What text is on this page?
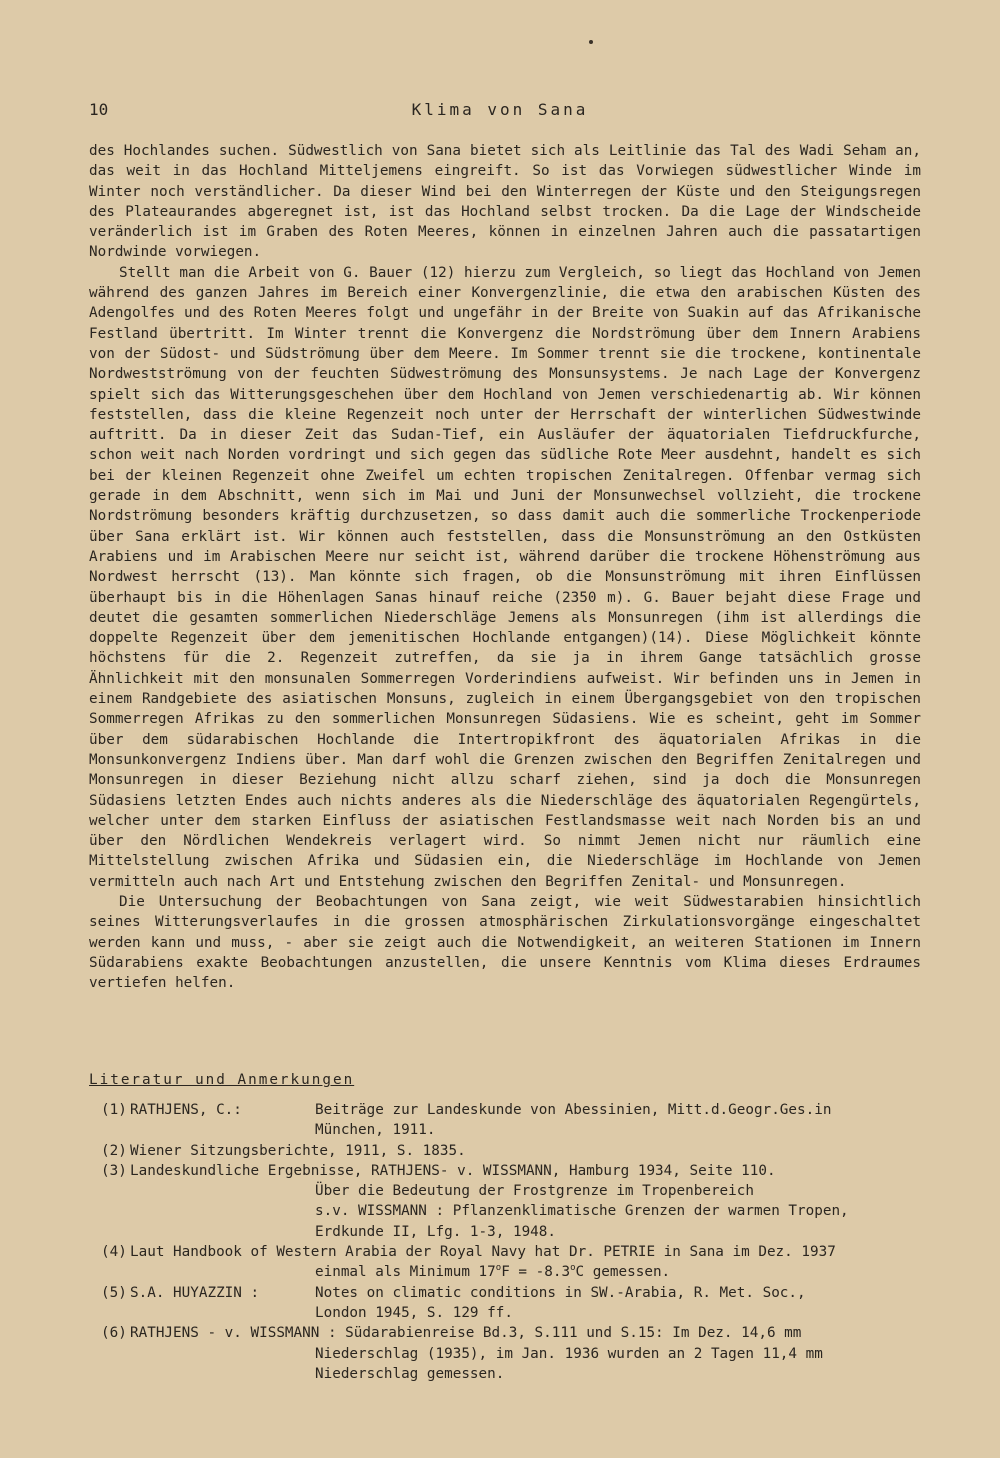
10	Klima von Sana

des Hochlandes suchen. Südwestlich von Sana bietet sich als Leitlinie das Tal des Wadi Seham an, das weit in das Hochland Mitteljemens eingreift. So ist das Vorwiegen südwestlicher Winde im Winter noch verständlicher. Da dieser Wind bei den Winterregen der Küste und den Steigungsregen des Plateaurandes abgeregnet ist, ist das Hochland selbst trocken. Da die Lage der Windscheide veränderlich ist im Graben des Roten Meeres, können in einzelnen Jahren auch die passatartigen Nordwinde vorwiegen.

Stellt man die Arbeit von G. Bauer (12) hierzu zum Vergleich, so liegt das Hochland von Jemen während des ganzen Jahres im Bereich einer Konvergenzlinie, die etwa den arabischen Küsten des Adengolfes und des Roten Meeres folgt und ungefähr in der Breite von Suakin auf das Afrikanische Festland übertritt. Im Winter trennt die Konvergenz die Nordströmung über dem Innern Arabiens von der Südost- und Südströmung über dem Meere. Im Sommer trennt sie die trockene, kontinentale Nordwestströmung von der feuchten Südweströmung des Monsunsystems. Je nach Lage der Konvergenz spielt sich das Witterungsgeschehen über dem Hochland von Jemen verschiedenartig ab. Wir können feststellen, dass die kleine Regenzeit noch unter der Herrschaft der winterlichen Südwestwinde auftritt. Da in dieser Zeit das Sudan-Tief, ein Ausläufer der äquatorialen Tiefdruckfurche, schon weit nach Norden vordringt und sich gegen das südliche Rote Meer ausdehnt, handelt es sich bei der kleinen Regenzeit ohne Zweifel um echten tropischen Zenitalregen. Offenbar vermag sich gerade in dem Abschnitt, wenn sich im Mai und Juni der Monsunwechsel vollzieht, die trockene Nordströmung besonders kräftig durchzusetzen, so dass damit auch die sommerliche Trockenperiode über Sana erklärt ist. Wir können auch feststellen, dass die Monsunströmung an den Ostküsten Arabiens und im Arabischen Meere nur seicht ist, während darüber die trockene Höhenströmung aus Nordwest herrscht (13). Man könnte sich fragen, ob die Monsunströmung mit ihren Einflüssen überhaupt bis in die Höhenlagen Sanas hinauf reiche (2350 m). G. Bauer bejaht diese Frage und deutet die gesamten sommerlichen Niederschläge Jemens als Monsunregen (ihm ist allerdings die doppelte Regenzeit über dem jemenitischen Hochlande entgangen)(14). Diese Möglichkeit könnte höchstens für die 2. Regenzeit zutreffen, da sie ja in ihrem Gange tatsächlich grosse Ähnlichkeit mit den monsunalen Sommerregen Vorderindiens aufweist. Wir befinden uns in Jemen in einem Randgebiete des asiatischen Monsuns, zugleich in einem Übergangsgebiet von den tropischen Sommerregen Afrikas zu den sommerlichen Monsunregen Südasiens. Wie es scheint, geht im Sommer über dem südarabischen Hochlande die Intertropikfront des äquatorialen Afrikas in die Monsunkonvergenz Indiens über. Man darf wohl die Grenzen zwischen den Begriffen Zenitalregen und Monsunregen in dieser Beziehung nicht allzu scharf ziehen, sind ja doch die Monsunregen Südasiens letzten Endes auch nichts anderes als die Niederschläge des äquatorialen Regengürtels, welcher unter dem starken Einfluss der asiatischen Festlandsmasse weit nach Norden bis an und über den Nördlichen Wendekreis verlagert wird. So nimmt Jemen nicht nur räumlich eine Mittelstellung zwischen Afrika und Südasien ein, die Niederschläge im Hochlande von Jemen vermitteln auch nach Art und Entstehung zwischen den Begriffen Zenital- und Monsunregen.

Die Untersuchung der Beobachtungen von Sana zeigt, wie weit Südwestarabien hinsichtlich seines Witterungsverlaufes in die grossen atmosphärischen Zirkulationsvorgänge eingeschaltet werden kann und muss, - aber sie zeigt auch die Notwendigkeit, an weiteren Stationen im Innern Südarabiens exakte Beobachtungen anzustellen, die unsere Kenntnis vom Klima dieses Erdraumes vertiefen helfen.

Literatur und Anmerkungen
(1) RATHJENS, C.:	Beiträge zur Landeskunde von Abessinien, Mitt.d.Geogr.Ges.in
München, 1911.
(2) Wiener Sitzungsberichte, 1911, S. 1835.
(3) Landeskundliche Ergebnisse, RATHJENS- v. WISSMANN, Hamburg 1934, Seite 110.
Über die Bedeutung der Frostgrenze im Tropenbereich
s.v. WISSMANN : Pflanzenklimatische Grenzen der warmen Tropen,
Erdkunde II, Lfg. 1-3, 1948.
(4) Laut Handbook of Western Arabia der Royal Navy hat Dr. PETRIE in Sana im Dez. 1937
einmal als Minimum $17^oF = -8.3^oC$ gemessen.
(5) S.A. HUYAZZIN :	Notes on climatic conditions in SW.-Arabia, R. Met. Soc.,
London 1945, S. 129 ff.
(6) RATHJENS - v. WISSMANN : Südarabienreise Bd.3, S.111 und S.15: Im Dez. 14,6 mm
Niederschlag (1935), im Jan. 1936 wurden an 2 Tagen 11,4 mm
Niederschlag gemessen.
